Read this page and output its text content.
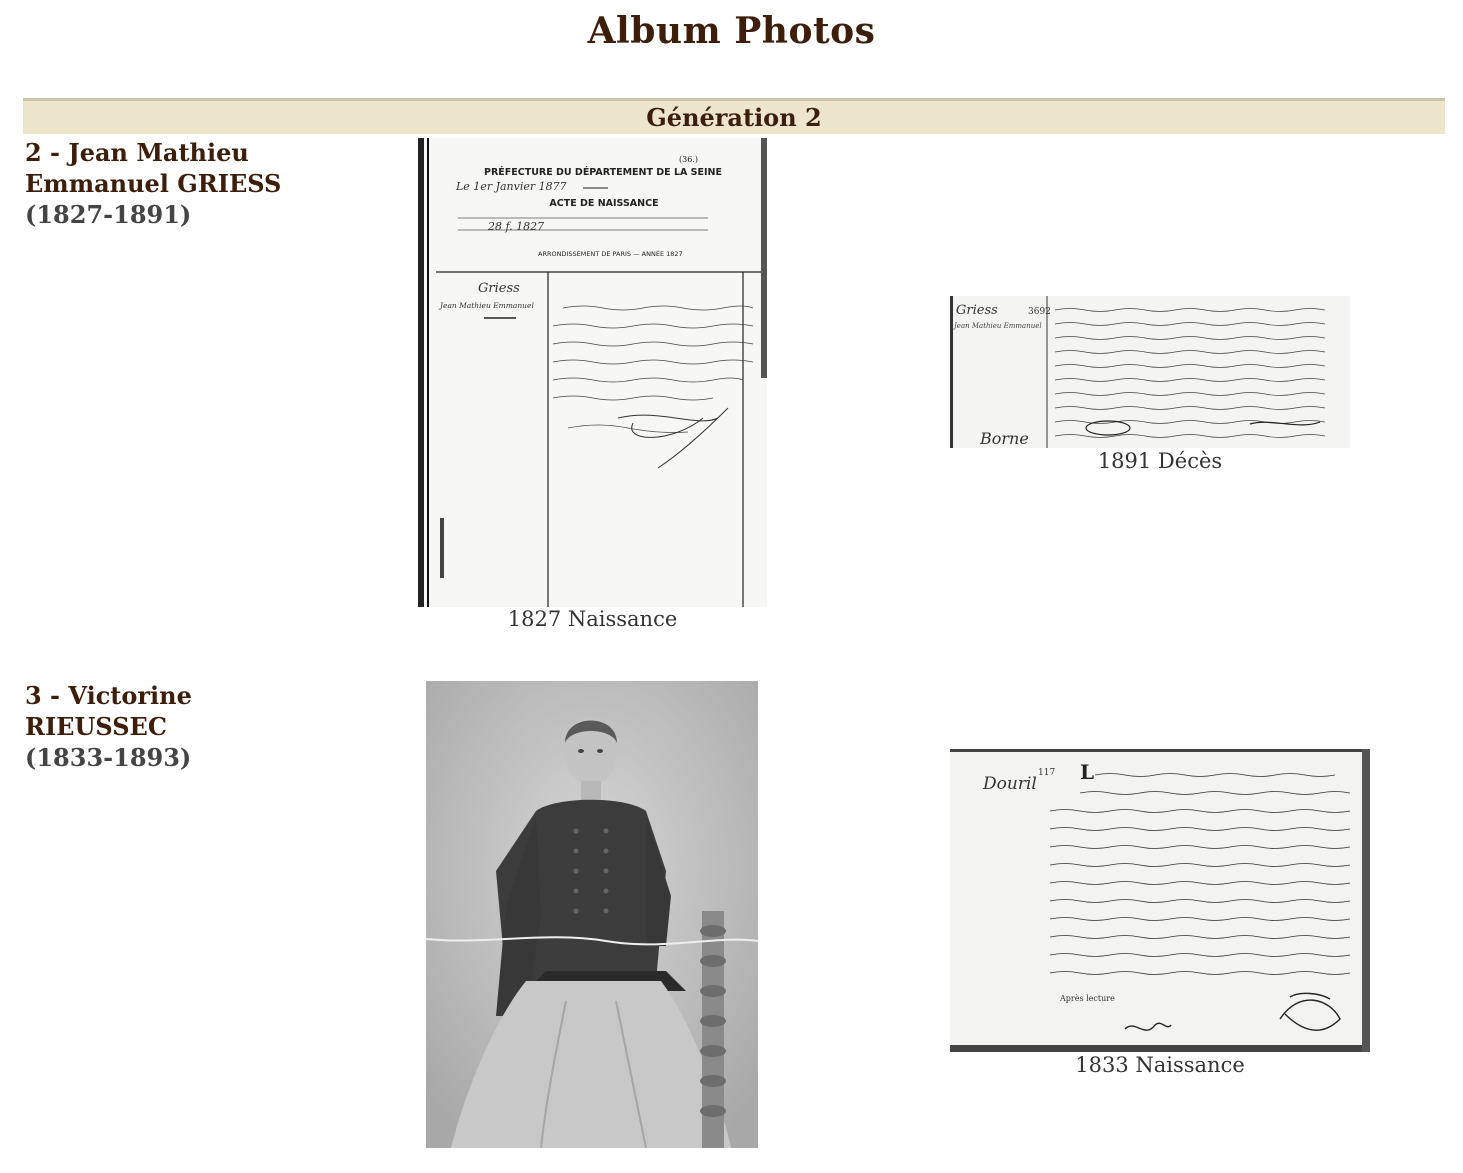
Album Photos
Génération 2
2 - Jean Mathieu
Emmanuel GRIESS
(1827-1891)
(36.)
PRÉFECTURE DU DÉPARTEMENT DE LA SEINE
ACTE DE NAISSANCE
Le 1er Janvier 1877
28 f. 1827
ARRONDISSEMENT DE PARIS — ANNÉE 1827
Griess
Jean Mathieu Emmanuel
1827 Naissance
Griess
Jean Mathieu Emmanuel
3692
Borne
1891 Décès
3 - Victorine
RIEUSSEC
(1833-1893)
Douril
117 L
Après lecture
1833 Naissance
